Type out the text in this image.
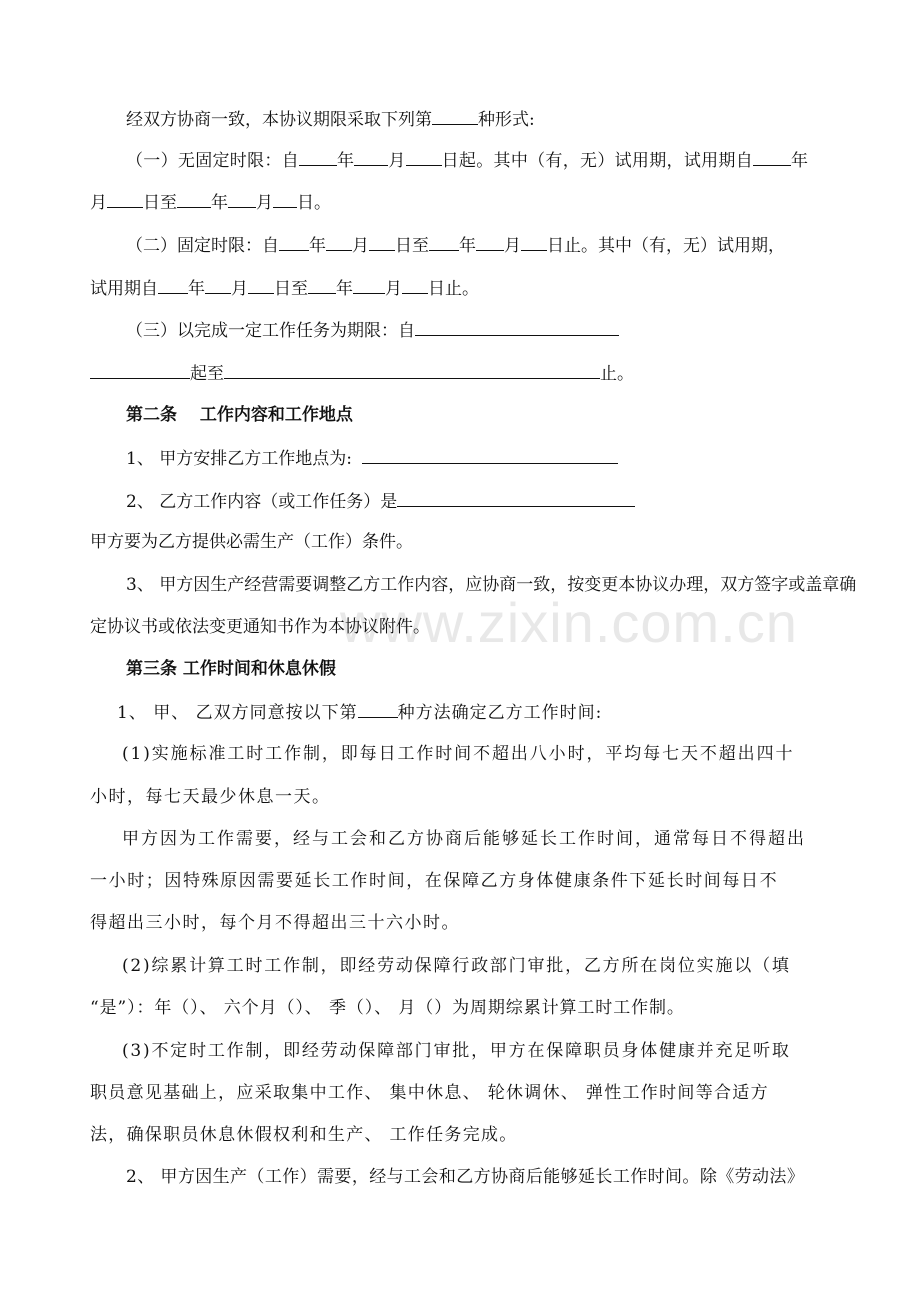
www.zixin.com.cn
经双方协商一致，本协议期限采取下列第	种形式:
（一）无固定时限：自 年 月 日起。其中（有，无）试用期，试用期自 年
月 日至 年 月 日。
（二）固定时限：自 年 月 日至 年 月 日止。其中（有，无）试用期，
试用期自 年 月 日至 年 月 日止。
（三）以完成一定工作任务为期限：自
起至	止。
第二条　 工作内容和工作地点
1、 甲方安排乙方工作地点为:
2、 乙方工作内容（或工作任务）是
甲方要为乙方提供必需生产（工作）条件。
3、 甲方因生产经营需要调整乙方工作内容，应协商一致，按变更本协议办理，双方签字或盖章确
定协议书或依法变更通知书作为本协议附件。
第三条 工作时间和休息休假
1、 甲、 乙双方同意按以下第 种方法确定乙方工作时间:
(1)实施标准工时工作制，即每日工作时间不超出八小时，平均每七天不超出四十
小时，每七天最少休息一天。
甲方因为工作需要，经与工会和乙方协商后能够延长工作时间，通常每日不得超出
一小时；因特殊原因需要延长工作时间，在保障乙方身体健康条件下延长时间每日不
得超出三小时，每个月不得超出三十六小时。
(2)综累计算工时工作制，即经劳动保障行政部门审批，乙方所在岗位实施以（填
“是”）：年（）、 六个月（）、 季（）、 月（）为周期综累计算工时工作制。
(3)不定时工作制，即经劳动保障部门审批，甲方在保障职员身体健康并充足听取
职员意见基础上，应采取集中工作、 集中休息、 轮休调休、 弹性工作时间等合适方
法，确保职员休息休假权利和生产、 工作任务完成。
2、 甲方因生产（工作）需要，经与工会和乙方协商后能够延长工作时间。除《劳动法》
